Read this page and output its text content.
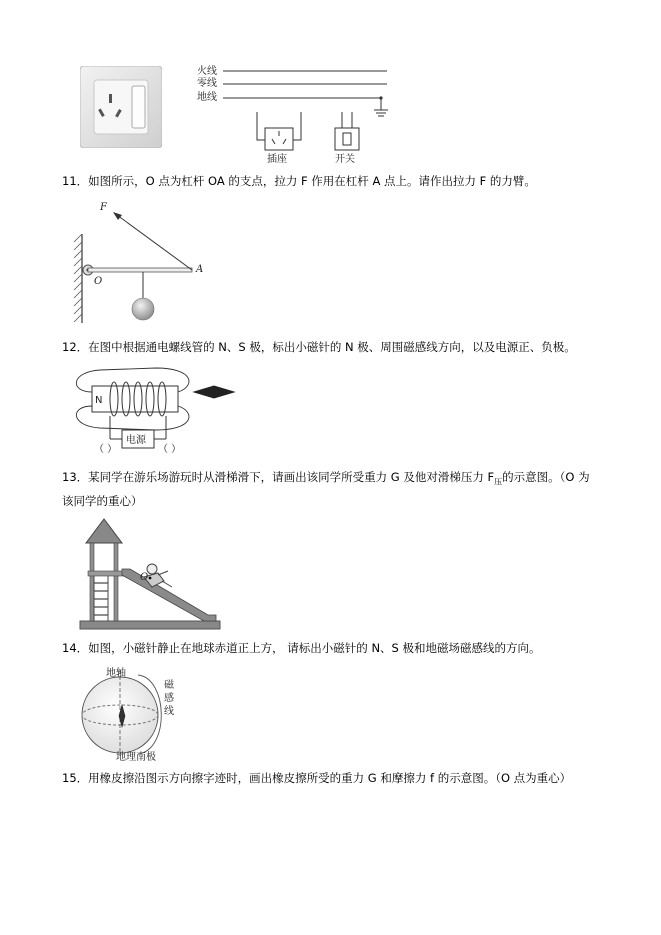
火线
零线
地线
插座	开关
11．如图所示，O 点为杠杆 OA 的支点，拉力 F 作用在杠杆 A 点上。请作出拉力 F 的力臂。
F
O
A
12．在图中根据通电螺线管的 N、S 极，标出小磁针的 N 极、周围磁感线方向，以及电源正、负极。
N
电源
（ ）	（ ）
13．某同学在游乐场游玩时从滑梯滑下，请画出该同学所受重力 G 及他对滑梯压力 $F_压$的示意图。（O 为
该同学的重心）
O
14．如图，小磁针静止在地球赤道正上方， 请标出小磁针的 N、S 极和地磁场磁感线的方向。
地轴
磁
感
线
地理南极
15．用橡皮擦沿图示方向擦字迹时，画出橡皮擦所受的重力 G 和摩擦力 f 的示意图。（O 点为重心）
